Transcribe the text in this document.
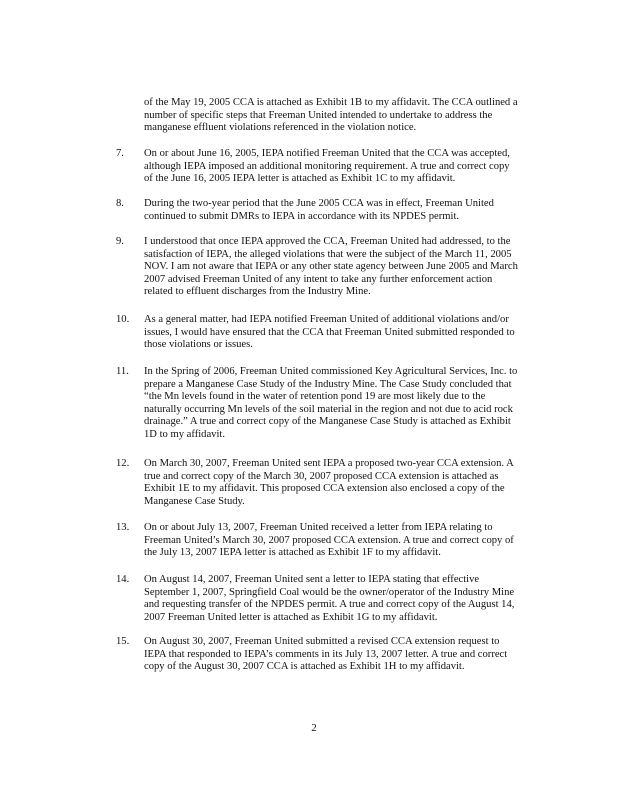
of the May 19, 2005 CCA is attached as Exhibit 1B to my affidavit. The CCA outlined a number of specific steps that Freeman United intended to undertake to address the manganese effluent violations referenced in the violation notice.

7.	On or about June 16, 2005, IEPA notified Freeman United that the CCA was accepted, although IEPA imposed an additional monitoring requirement. A true and correct copy of the June 16, 2005 IEPA letter is attached as Exhibit 1C to my affidavit.
8.	During the two-year period that the June 2005 CCA was in effect, Freeman United continued to submit DMRs to IEPA in accordance with its NPDES permit.
9.	I understood that once IEPA approved the CCA, Freeman United had addressed, to the satisfaction of IEPA, the alleged violations that were the subject of the March 11, 2005 NOV. I am not aware that IEPA or any other state agency between June 2005 and March 2007 advised Freeman United of any intent to take any further enforcement action related to effluent discharges from the Industry Mine.
10.	As a general matter, had IEPA notified Freeman United of additional violations and/or issues, I would have ensured that the CCA that Freeman United submitted responded to those violations or issues.
11.	In the Spring of 2006, Freeman United commissioned Key Agricultural Services, Inc. to prepare a Manganese Case Study of the Industry Mine. The Case Study concluded that “the Mn levels found in the water of retention pond 19 are most likely due to the naturally occurring Mn levels of the soil material in the region and not due to acid rock drainage.” A true and correct copy of the Manganese Case Study is attached as Exhibit 1D to my affidavit.
12.	On March 30, 2007, Freeman United sent IEPA a proposed two-year CCA extension. A true and correct copy of the March 30, 2007 proposed CCA extension is attached as Exhibit 1E to my affidavit. This proposed CCA extension also enclosed a copy of the Manganese Case Study.
13.	On or about July 13, 2007, Freeman United received a letter from IEPA relating to Freeman United’s March 30, 2007 proposed CCA extension. A true and correct copy of the July 13, 2007 IEPA letter is attached as Exhibit 1F to my affidavit.
14.	On August 14, 2007, Freeman United sent a letter to IEPA stating that effective September 1, 2007, Springfield Coal would be the owner/operator of the Industry Mine and requesting transfer of the NPDES permit. A true and correct copy of the August 14, 2007 Freeman United letter is attached as Exhibit 1G to my affidavit.
15.	On August 30, 2007, Freeman United submitted a revised CCA extension request to IEPA that responded to IEPA’s comments in its July 13, 2007 letter. A true and correct copy of the August 30, 2007 CCA is attached as Exhibit 1H to my affidavit.
2
